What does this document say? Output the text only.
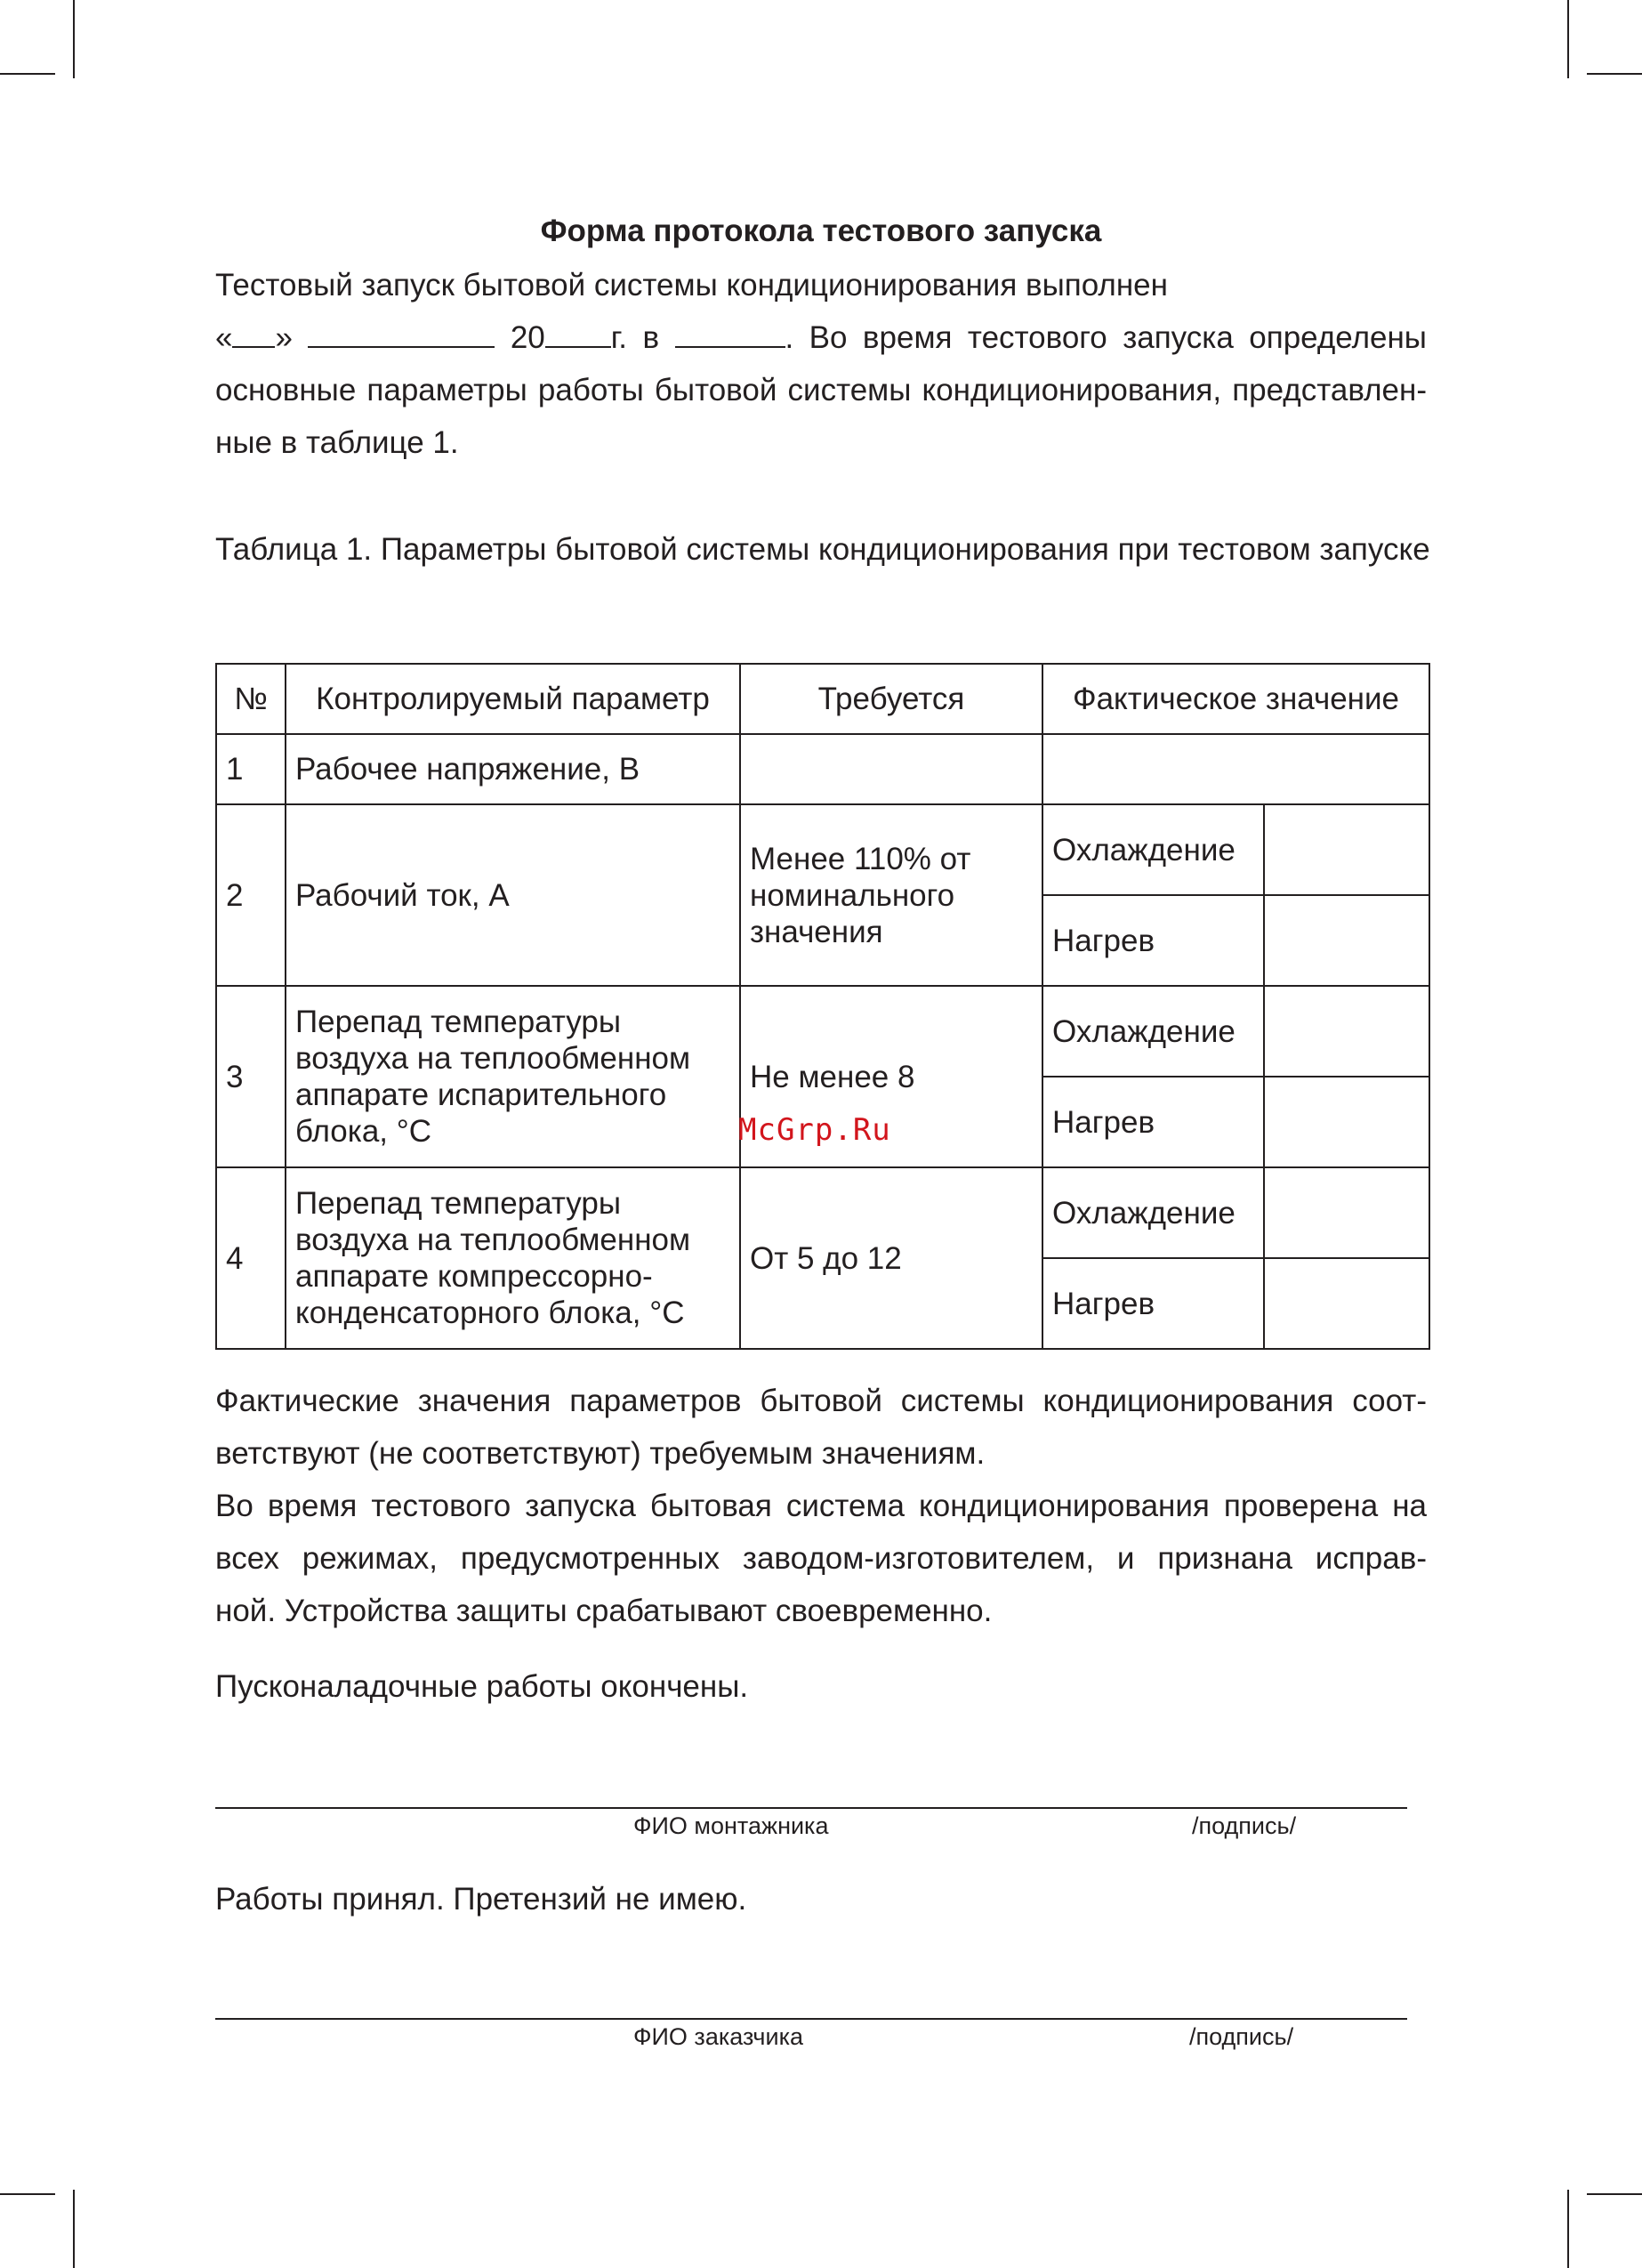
Форма протокола тестового запуска
Тестовый запуск бытовой системы кондиционирования выполнен
« »	20 г. в	. Во время тестового запуска определены
основные параметры работы бытовой системы кондиционирования, представлен-
ные в таблице 1.
Таблица 1. Параметры бытовой системы кондиционирования при тестовом запуске
№	Контролируемый параметр	Требуется	Фактическое значение	
1	Рабочее напряжение, В			
2	Рабочий ток, А	Менее 110% от номинального значения	Охлаждение	
			Нагрев	
3	Перепад температуры воздуха на теплообменном аппарате испарительного блока, °С	Не менее 8	Охлаждение	
			Нагрев	
4	Перепад температуры воздуха на теплообменном аппарате компрессорно-конденсаторного блока, °С	От 5 до 12	Охлаждение	
			Нагрев	
McGrp.Ru
Фактические значения параметров бытовой системы кондиционирования соот-
ветствуют (не соответствуют) требуемым значениям.
Во время тестового запуска бытовая система кондиционирования проверена на
всех режимах, предусмотренных заводом-изготовителем, и признана исправ-
ной. Устройства защиты срабатывают своевременно.
Пусконаладочные работы окончены.
ФИО монтажника	/подпись/
Работы принял. Претензий не имею.
ФИО заказчика	/подпись/
